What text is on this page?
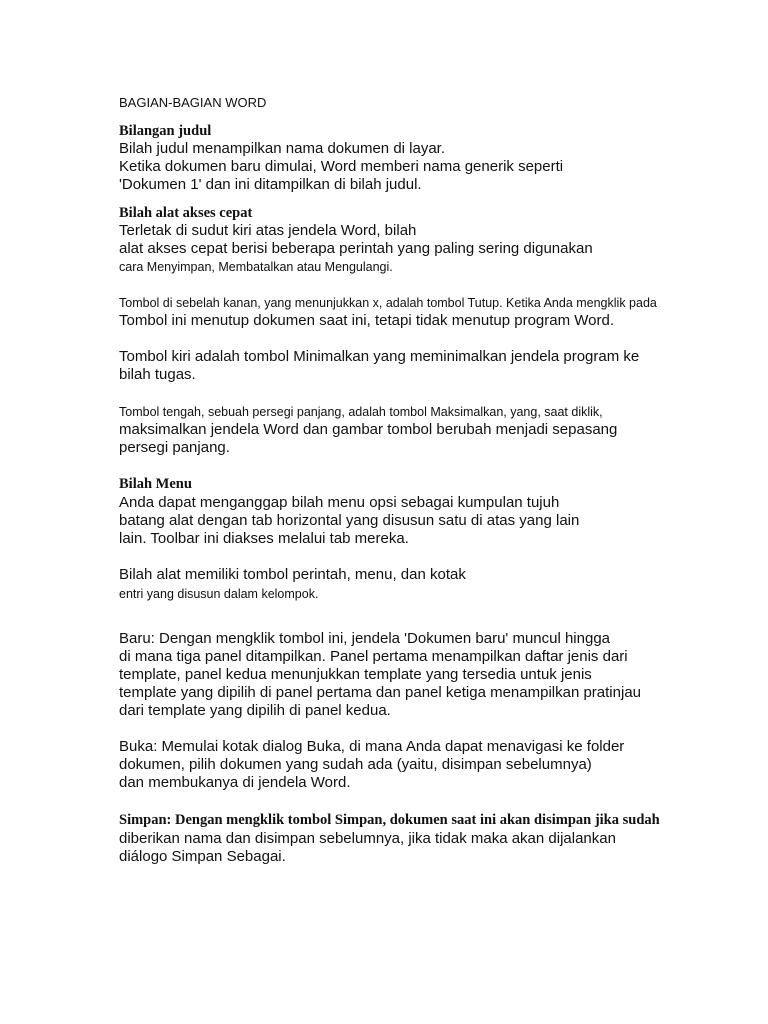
BAGIAN-BAGIAN WORD
Bilangan judul
Bilah judul menampilkan nama dokumen di layar.
Ketika dokumen baru dimulai, Word memberi nama generik seperti
'Dokumen 1' dan ini ditampilkan di bilah judul.
Bilah alat akses cepat
Terletak di sudut kiri atas jendela Word, bilah
alat akses cepat berisi beberapa perintah yang paling sering digunakan
cara Menyimpan, Membatalkan atau Mengulangi.
Tombol di sebelah kanan, yang menunjukkan x, adalah tombol Tutup. Ketika Anda mengklik pada
Tombol ini menutup dokumen saat ini, tetapi tidak menutup program Word.
Tombol kiri adalah tombol Minimalkan yang meminimalkan jendela program ke
bilah tugas.
Tombol tengah, sebuah persegi panjang, adalah tombol Maksimalkan, yang, saat diklik,
maksimalkan jendela Word dan gambar tombol berubah menjadi sepasang
persegi panjang.
Bilah Menu
Anda dapat menganggap bilah menu opsi sebagai kumpulan tujuh
batang alat dengan tab horizontal yang disusun satu di atas yang lain
lain. Toolbar ini diakses melalui tab mereka.
Bilah alat memiliki tombol perintah, menu, dan kotak
entri yang disusun dalam kelompok.
Baru: Dengan mengklik tombol ini, jendela 'Dokumen baru' muncul hingga
di mana tiga panel ditampilkan. Panel pertama menampilkan daftar jenis dari
template, panel kedua menunjukkan template yang tersedia untuk jenis
template yang dipilih di panel pertama dan panel ketiga menampilkan pratinjau
dari template yang dipilih di panel kedua.
Buka: Memulai kotak dialog Buka, di mana Anda dapat menavigasi ke folder
dokumen, pilih dokumen yang sudah ada (yaitu, disimpan sebelumnya)
dan membukanya di jendela Word.
Simpan: Dengan mengklik tombol Simpan, dokumen saat ini akan disimpan jika sudah
diberikan nama dan disimpan sebelumnya, jika tidak maka akan dijalankan
diálogo Simpan Sebagai.
